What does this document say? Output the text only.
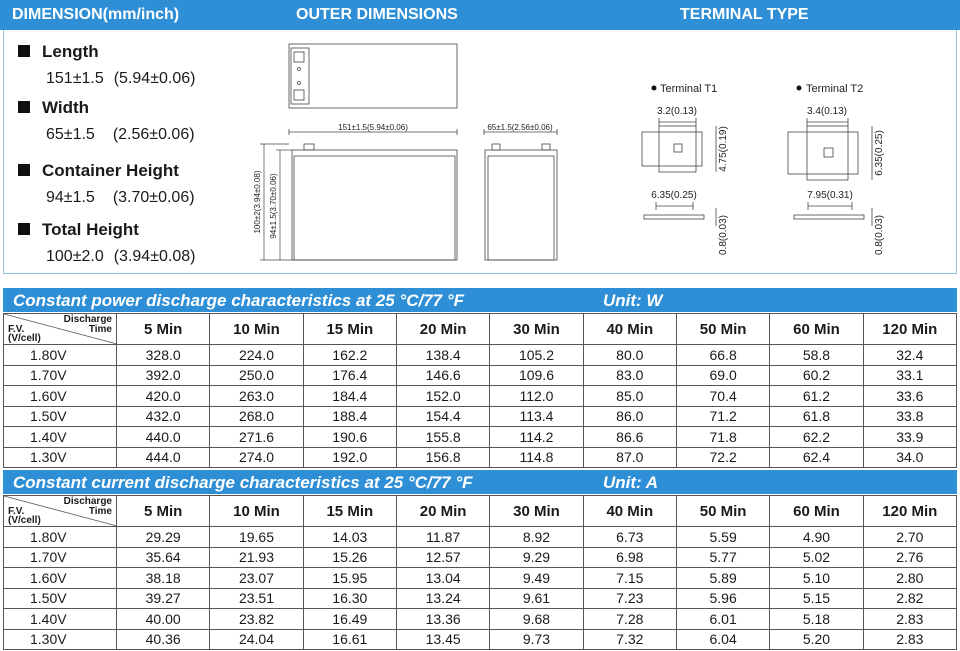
DIMENSION(mm/inch)	OUTER DIMENSIONS	TERMINAL TYPE
Length
151±1.5 (5.94±0.06)
Width
65±1.5 (2.56±0.06)
Container Height
94±1.5 (3.70±0.06)
Total Height
100±2.0 (3.94±0.08)
151±1.5(5.94±0.06)	65±1.5(2.56±0.06)
100±2(3.94±0.08) 94±1.5(3.70±0.06)
Terminal T1
3.2(0.13)
4.75(0.19)
6.35(0.25)
0.8(0.03)
Terminal T2
3.4(0.13)
6.35(0.25)
7.95(0.31)
0.8(0.03)
Constant power discharge characteristics at 25 °C/77 °F	Unit: W
Discharge
Time
F.V.
(V/cell)	5 Min	10 Min	15 Min	20 Min	30 Min	40 Min	50 Min	60 Min	120 Min
1.80V	328.0	224.0	162.2	138.4	105.2	80.0	66.8	58.8	32.4
1.70V	392.0	250.0	176.4	146.6	109.6	83.0	69.0	60.2	33.1
1.60V	420.0	263.0	184.4	152.0	112.0	85.0	70.4	61.2	33.6
1.50V	432.0	268.0	188.4	154.4	113.4	86.0	71.2	61.8	33.8
1.40V	440.0	271.6	190.6	155.8	114.2	86.6	71.8	62.2	33.9
1.30V	444.0	274.0	192.0	156.8	114.8	87.0	72.2	62.4	34.0
Constant current discharge characteristics at 25 °C/77 °F	Unit: A
Discharge
Time
F.V.
(V/cell)	5 Min	10 Min	15 Min	20 Min	30 Min	40 Min	50 Min	60 Min	120 Min
1.80V	29.29	19.65	14.03	11.87	8.92	6.73	5.59	4.90	2.70
1.70V	35.64	21.93	15.26	12.57	9.29	6.98	5.77	5.02	2.76
1.60V	38.18	23.07	15.95	13.04	9.49	7.15	5.89	5.10	2.80
1.50V	39.27	23.51	16.30	13.24	9.61	7.23	5.96	5.15	2.82
1.40V	40.00	23.82	16.49	13.36	9.68	7.28	6.01	5.18	2.83
1.30V	40.36	24.04	16.61	13.45	9.73	7.32	6.04	5.20	2.83
